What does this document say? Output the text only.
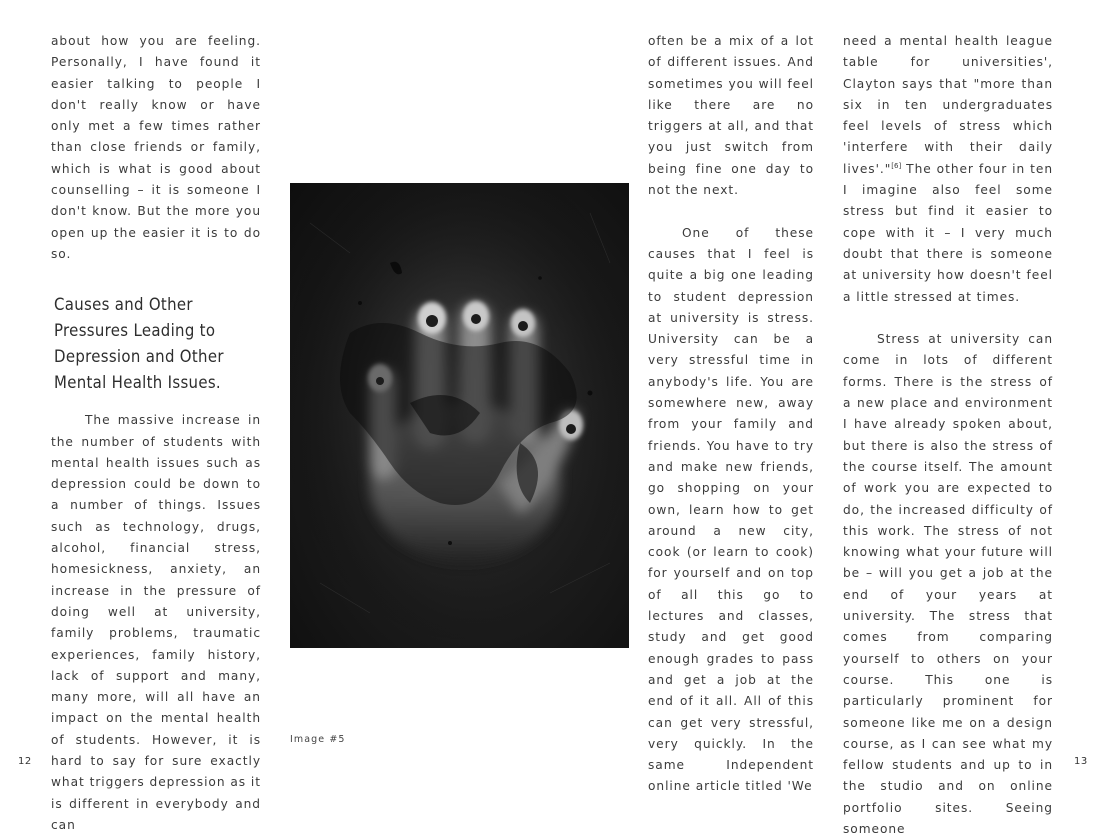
about how you are feeling. Personally, I have found it easier talking to people I don't really know or have only met a few times rather than close friends or family, which is what is good about counselling – it is someone I don't know. But the more you open up the easier it is to do so.

Causes and Other Pressures Leading to Depression and Other Mental Health Issues.

The massive increase in the number of students with mental health issues such as depression could be down to a number of things. Issues such as technology, drugs, alcohol, financial stress, homesickness, anxiety, an increase in the pressure of doing well at university, family problems, traumatic experiences, family history, lack of support and many, many more, will all have an impact on the mental health of students. However, it is hard to say for sure exactly what triggers depression as it is different in everybody and can

Image #5

often be a mix of a lot of different issues. And sometimes you will feel like there are no triggers at all, and that you just switch from being fine one day to not the next.

One of these causes that I feel is quite a big one leading to student depression at university is stress. University can be a very stressful time in anybody's life. You are somewhere new, away from your family and friends. You have to try and make new friends, go shopping on your own, learn how to get around a new city, cook (or learn to cook) for yourself and on top of all this go to lectures and classes, study and get good enough grades to pass and get a job at the end of it all. All of this can get very stressful, very quickly. In the same Independent online article titled 'We

need a mental health league table for universities', Clayton says that "more than six in ten undergraduates feel levels of stress which 'interfere with their daily lives'."[6] The other four in ten I imagine also feel some stress but find it easier to cope with it – I very much doubt that there is someone at university how doesn't feel a little stressed at times.

Stress at university can come in lots of different forms. There is the stress of a new place and environment I have already spoken about, but there is also the stress of the course itself. The amount of work you are expected to do, the increased difficulty of this work. The stress of not knowing what your future will be – will you get a job at the end of your years at university. The stress that comes from comparing yourself to others on your course. This one is particularly prominent for someone like me on a design course, as I can see what my fellow students and up to in the studio and on online portfolio sites. Seeing someone

12	13
